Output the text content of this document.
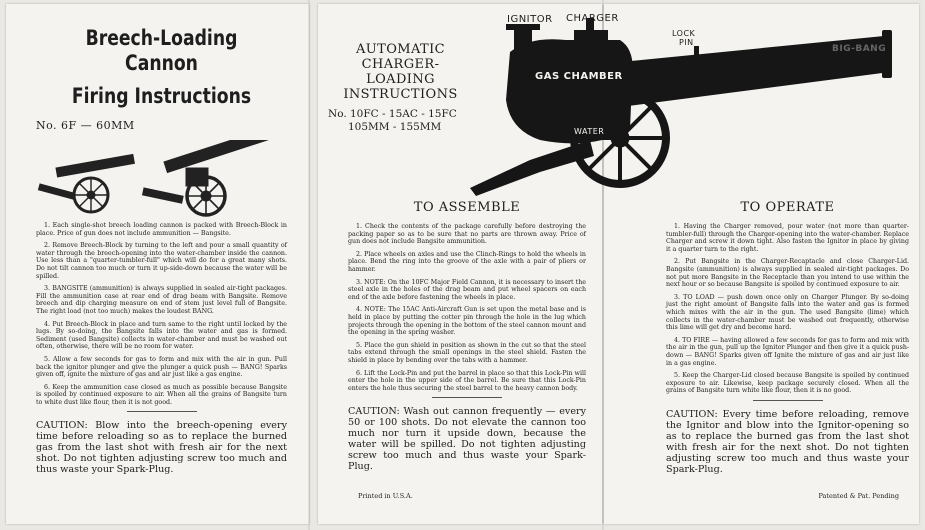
Breech-Loading Cannon
Firing Instructions
No. 6F — 60MM

1. Each single-shot breech loading cannon is packed with Breech-Block in place. Price of gun does not include ammunition — Bangsite.

2. Remove Breech-Block by turning to the left and pour a small quantity of water through the breech-opening into the water-chamber inside the cannon. Use less than a "quarter-tumbler-full" which will do for a great many shots. Do not tilt cannon too much or turn it up-side-down because the water will be spilled.

3. BANGSITE (ammunition) is always supplied in sealed air-tight packages. Fill the ammunition case at rear end of drag beam with Bangsite. Remove breech and dip charging measure on end of stem just level full of Bangsite. The right load (not too much) makes the loudest BANG.

4. Put Breech-Block in place and turn same to the right until locked by the lugs. By so-doing, the Bangsite falls into the water and gas is formed. Sediment (used Bangsite) collects in water-chamber and must be washed out often, otherwise, there will be no room for water.

5. Allow a few seconds for gas to form and mix with the air in gun. Pull back the ignitor plunger and give the plunger a quick push — BANG! Sparks given off, ignite the mixture of gas and air just like a gas engine.

6. Keep the ammunition case closed as much as possible because Bangsite is spoiled by continued exposure to air. When all the grains of Bangsite turn to white dust like flour, then it is not good.

CAUTION: Blow into the breech-opening every time before reloading so as to replace the burned gas from the last shot with fresh air for the next shot. Do not tighten adjusting screw too much and thus waste your Spark-Plug.

AUTOMATIC

CHARGER-LOADING

INSTRUCTIONS

No. 10FC - 15AC - 15FC
105MM - 155MM

TO ASSEMBLE

1. Check the contents of the package carefully before destroying the packing paper so as to be sure that no parts are thrown away. Price of gun does not include Bangsite ammunition.

2. Place wheels on axles and use the Clinch-Rings to hold the wheels in place. Bend the ring into the groove of the axle with a pair of pliers or hammer.

3. NOTE: On the 10FC Major Field Cannon, it is necessary to insert the steel axle in the holes of the drag beam and put wheel spacers on each end of the axle before fastening the wheels in place.

4. NOTE: The 15AC Anti-Aircraft Gun is set upon the metal base and is held in place by putting the cotter pin through the hole in the lug which projects through the opening in the bottom of the steel cannon mount and the opening in the spring washer.

5. Place the gun shield in position as shown in the cut so that the steel tabs extend through the small openings in the steel shield. Fasten the shield in place by bending over the tabs with a hammer.

6. Lift the Lock-Pin and put the barrel in place so that this Lock-Pin will enter the hole in the upper side of the barrel. Be sure that this Lock-Pin enters the hole thus securing the steel barrel to the heavy cannon body.

CAUTION: Wash out cannon frequently — every 50 or 100 shots. Do not elevate the cannon too much nor turn it upside down, because the water will be spilled. Do not tighten adjusting screw too much and thus waste your Spark-Plug.

Printed in U.S.A.

TO OPERATE

1. Having the Charger removed, pour water (not more than quarter-tumbler-full) through the Charger-opening into the water-chamber. Replace Charger and screw it down tight. Also fasten the Ignitor in place by giving it a quarter turn to the right.

2. Put Bangsite in the Charger-Recaptacle and close Charger-Lid. Bangsite (ammunition) is always supplied in sealed air-tight packages. Do not put more Bangsite in the Receptacle than you intend to use within the next hour or so because Bangsite is spoiled by continued exposure to air.

3. TO LOAD — push down once only on Charger Plunger. By so-doing just the right amount of Bangsite falls into the water and gas is formed which mixes with the air in the gun. The used Bangsite (lime) which collects in the water-chamber must be washed out frequently, otherwise this lime will get dry and become hard.

4. TO FIRE — having allowed a few seconds for gas to form and mix with the air in the gun, pull up the Ignitor Plunger and then give it a quick push-down — BANG! Sparks given off Ignite the mixture of gas and air just like in a gas engine.

5. Keep the Charger-Lid closed because Bangsite is spoiled by continued exposure to air. Likewise, keep package securely closed. When all the grains of Bangsite turn white like flour, then it is no good.

CAUTION: Every time before reloading, remove the Ignitor and blow into the Ignitor-opening so as to replace the burned gas from the last shot with fresh air for the next shot. Do not tighten adjusting screw too much and thus waste your Spark-Plug.

Patented & Pat. Pending
IGNITOR CHARGER
LOCK
PIN
GAS CHAMBER
WATER
BIG-BANG
